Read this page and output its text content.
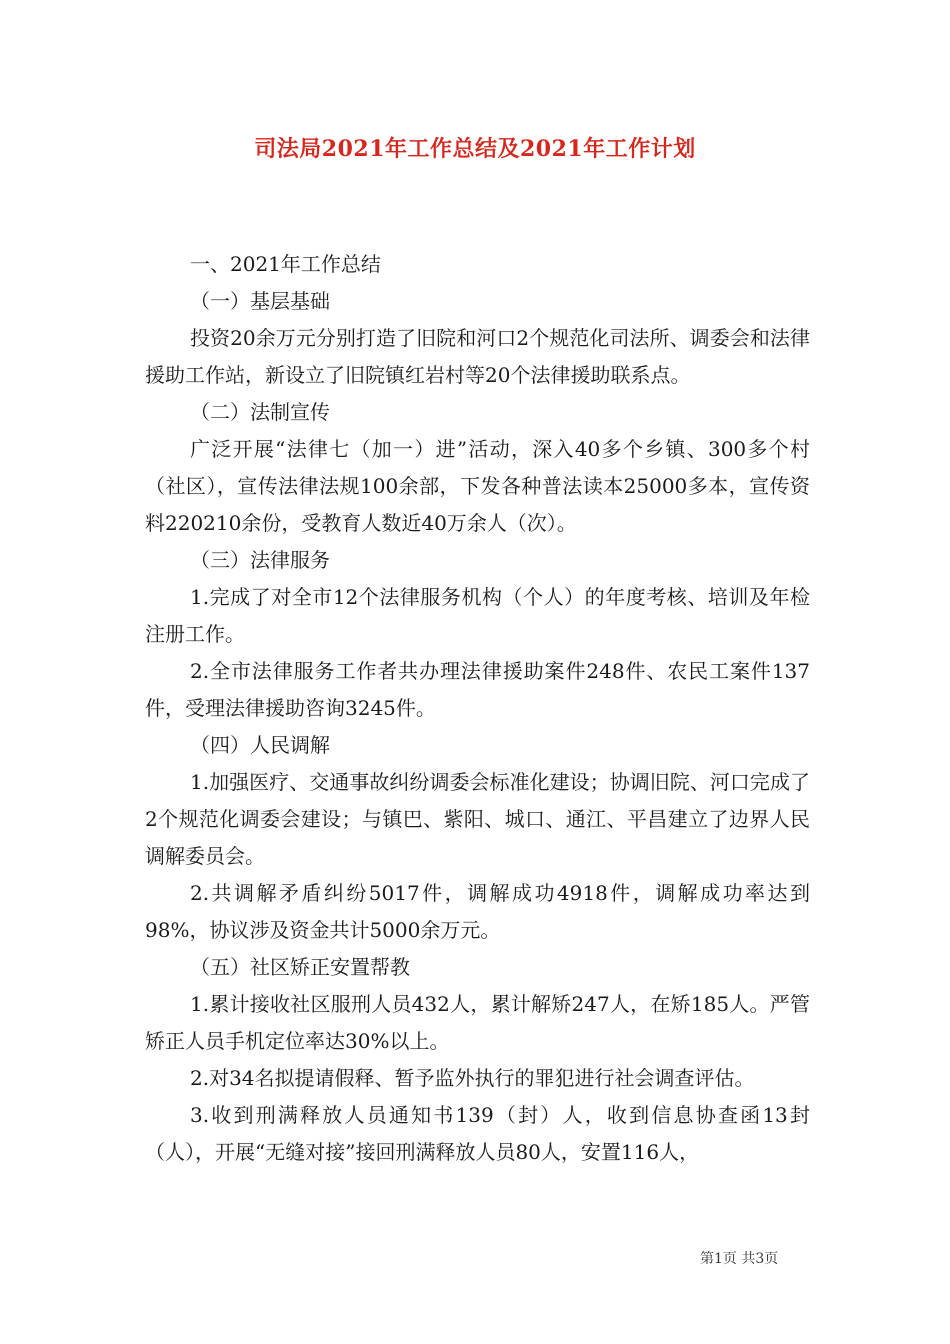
司法局2021年工作总结及2021年工作计划

一、2021年工作总结

（一）基层基础

投资20余万元分别打造了旧院和河口2个规范化司法所、调委会和法律援助工作站，新设立了旧院镇红岩村等20个法律援助联系点。

（二）法制宣传

广泛开展“法律七（加一）进”活动，深入40多个乡镇、300多个村（社区），宣传法律法规100余部，下发各种普法读本25000多本，宣传资料220210余份，受教育人数近40万余人（次）。

（三）法律服务

1.完成了对全市12个法律服务机构（个人）的年度考核、培训及年检注册工作。

2.全市法律服务工作者共办理法律援助案件248件、农民工案件137件，受理法律援助咨询3245件。

（四）人民调解

1.加强医疗、交通事故纠纷调委会标准化建设；协调旧院、河口完成了2个规范化调委会建设；与镇巴、紫阳、城口、通江、平昌建立了边界人民调解委员会。

2.共调解矛盾纠纷5017件，调解成功4918件，调解成功率达到98%，协议涉及资金共计5000余万元。

（五）社区矫正安置帮教

1.累计接收社区服刑人员432人，累计解矫247人，在矫185人。严管矫正人员手机定位率达30%以上。

2.对34名拟提请假释、暂予监外执行的罪犯进行社会调查评估。

3.收到刑满释放人员通知书139（封）人，收到信息协查函13封（人），开展“无缝对接”接回刑满释放人员80人，安置116人，

第1页 共3页
